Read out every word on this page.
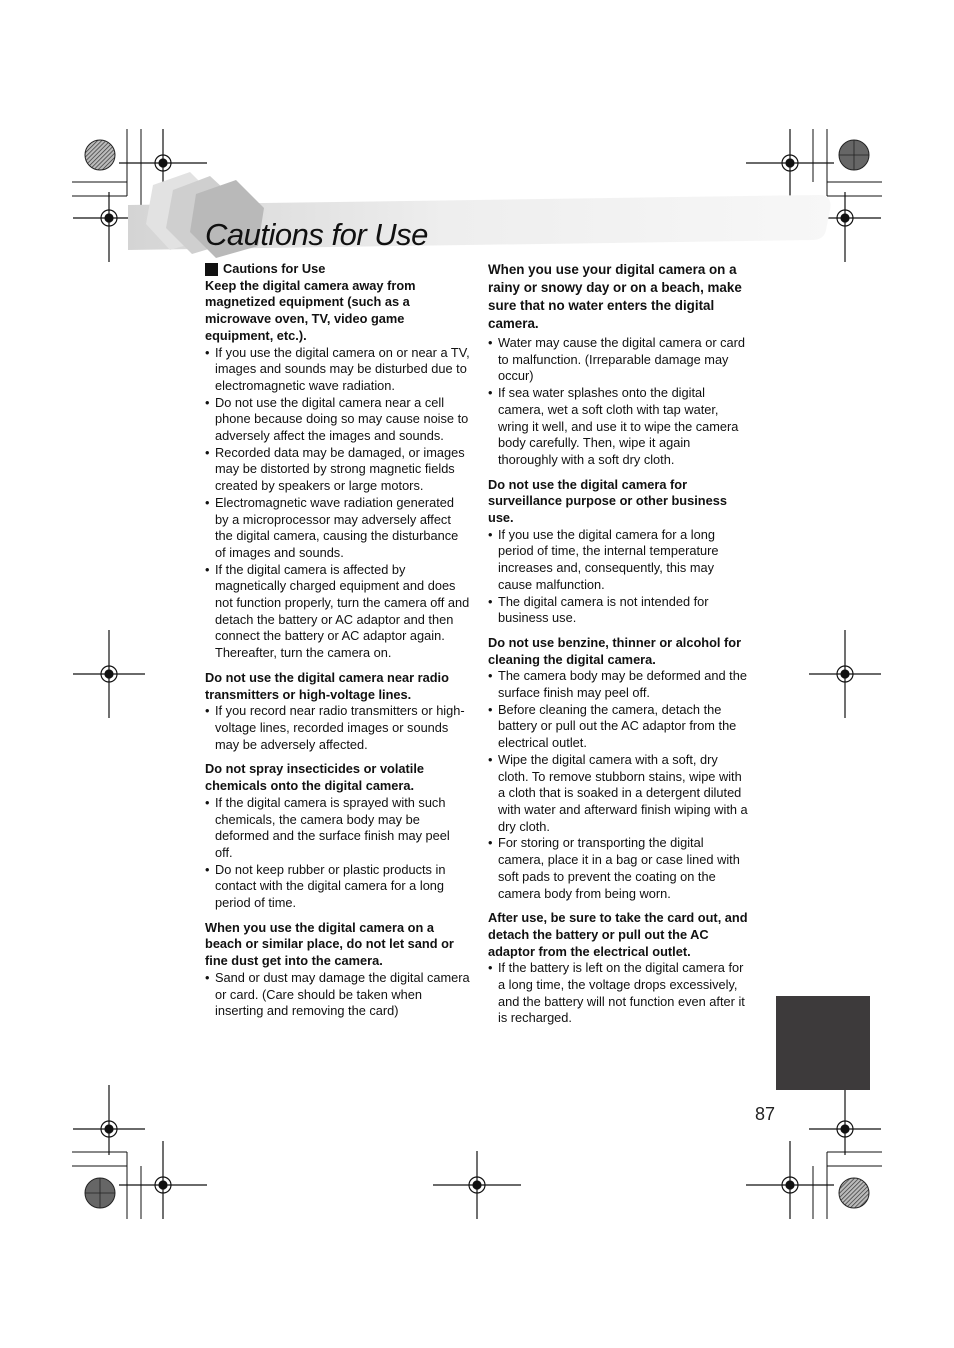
Cautions for Use

Cautions for Use

Keep the digital camera away from magnetized equipment (such as a microwave oven, TV, video game equipment, etc.).

• If you use the digital camera on or near a TV, images and sounds may be disturbed due to electromagnetic wave radiation.
• Do not use the digital camera near a cell phone because doing so may cause noise to adversely affect the images and sounds.
• Recorded data may be damaged, or images may be distorted by strong magnetic fields created by speakers or large motors.
• Electromagnetic wave radiation generated by a microprocessor may adversely affect the digital camera, causing the disturbance of images and sounds.
• If the digital camera is affected by magnetically charged equipment and does not function properly, turn the camera off and detach the battery or AC adaptor and then connect the battery or AC adaptor again. Thereafter, turn the camera on.

Do not use the digital camera near radio transmitters or high-voltage lines.

• If you record near radio transmitters or high-voltage lines, recorded images or sounds may be adversely affected.

Do not spray insecticides or volatile chemicals onto the digital camera.

• If the digital camera is sprayed with such chemicals, the camera body may be deformed and the surface finish may peel off.
• Do not keep rubber or plastic products in contact with the digital camera for a long period of time.

When you use the digital camera on a beach or similar place, do not let sand or fine dust get into the camera.

• Sand or dust may damage the digital camera or card. (Care should be taken when inserting and removing the card)

When you use your digital camera on a rainy or snowy day or on a beach, make sure that no water enters the digital camera.

• Water may cause the digital camera or card to malfunction. (Irreparable damage may occur)
• If sea water splashes onto the digital camera, wet a soft cloth with tap water, wring it well, and use it to wipe the camera body carefully. Then, wipe it again thoroughly with a soft dry cloth.

Do not use the digital camera for surveillance purpose or other business use.

• If you use the digital camera for a long period of time, the internal temperature increases and, consequently, this may cause malfunction.
• The digital camera is not intended for business use.

Do not use benzine, thinner or alcohol for cleaning the digital camera.

• The camera body may be deformed and the surface finish may peel off.
• Before cleaning the camera, detach the battery or pull out the AC adaptor from the electrical outlet.
• Wipe the digital camera with a soft, dry cloth. To remove stubborn stains, wipe with a cloth that is soaked in a detergent diluted with water and afterward finish wiping with a dry cloth.
• For storing or transporting the digital camera, place it in a bag or case lined with soft pads to prevent the coating on the camera body from being worn.

After use, be sure to take the card out, and detach the battery or pull out the AC adaptor from the electrical outlet.

• If the battery is left on the digital camera for a long time, the voltage drops excessively, and the battery will not function even after it is recharged.
87
